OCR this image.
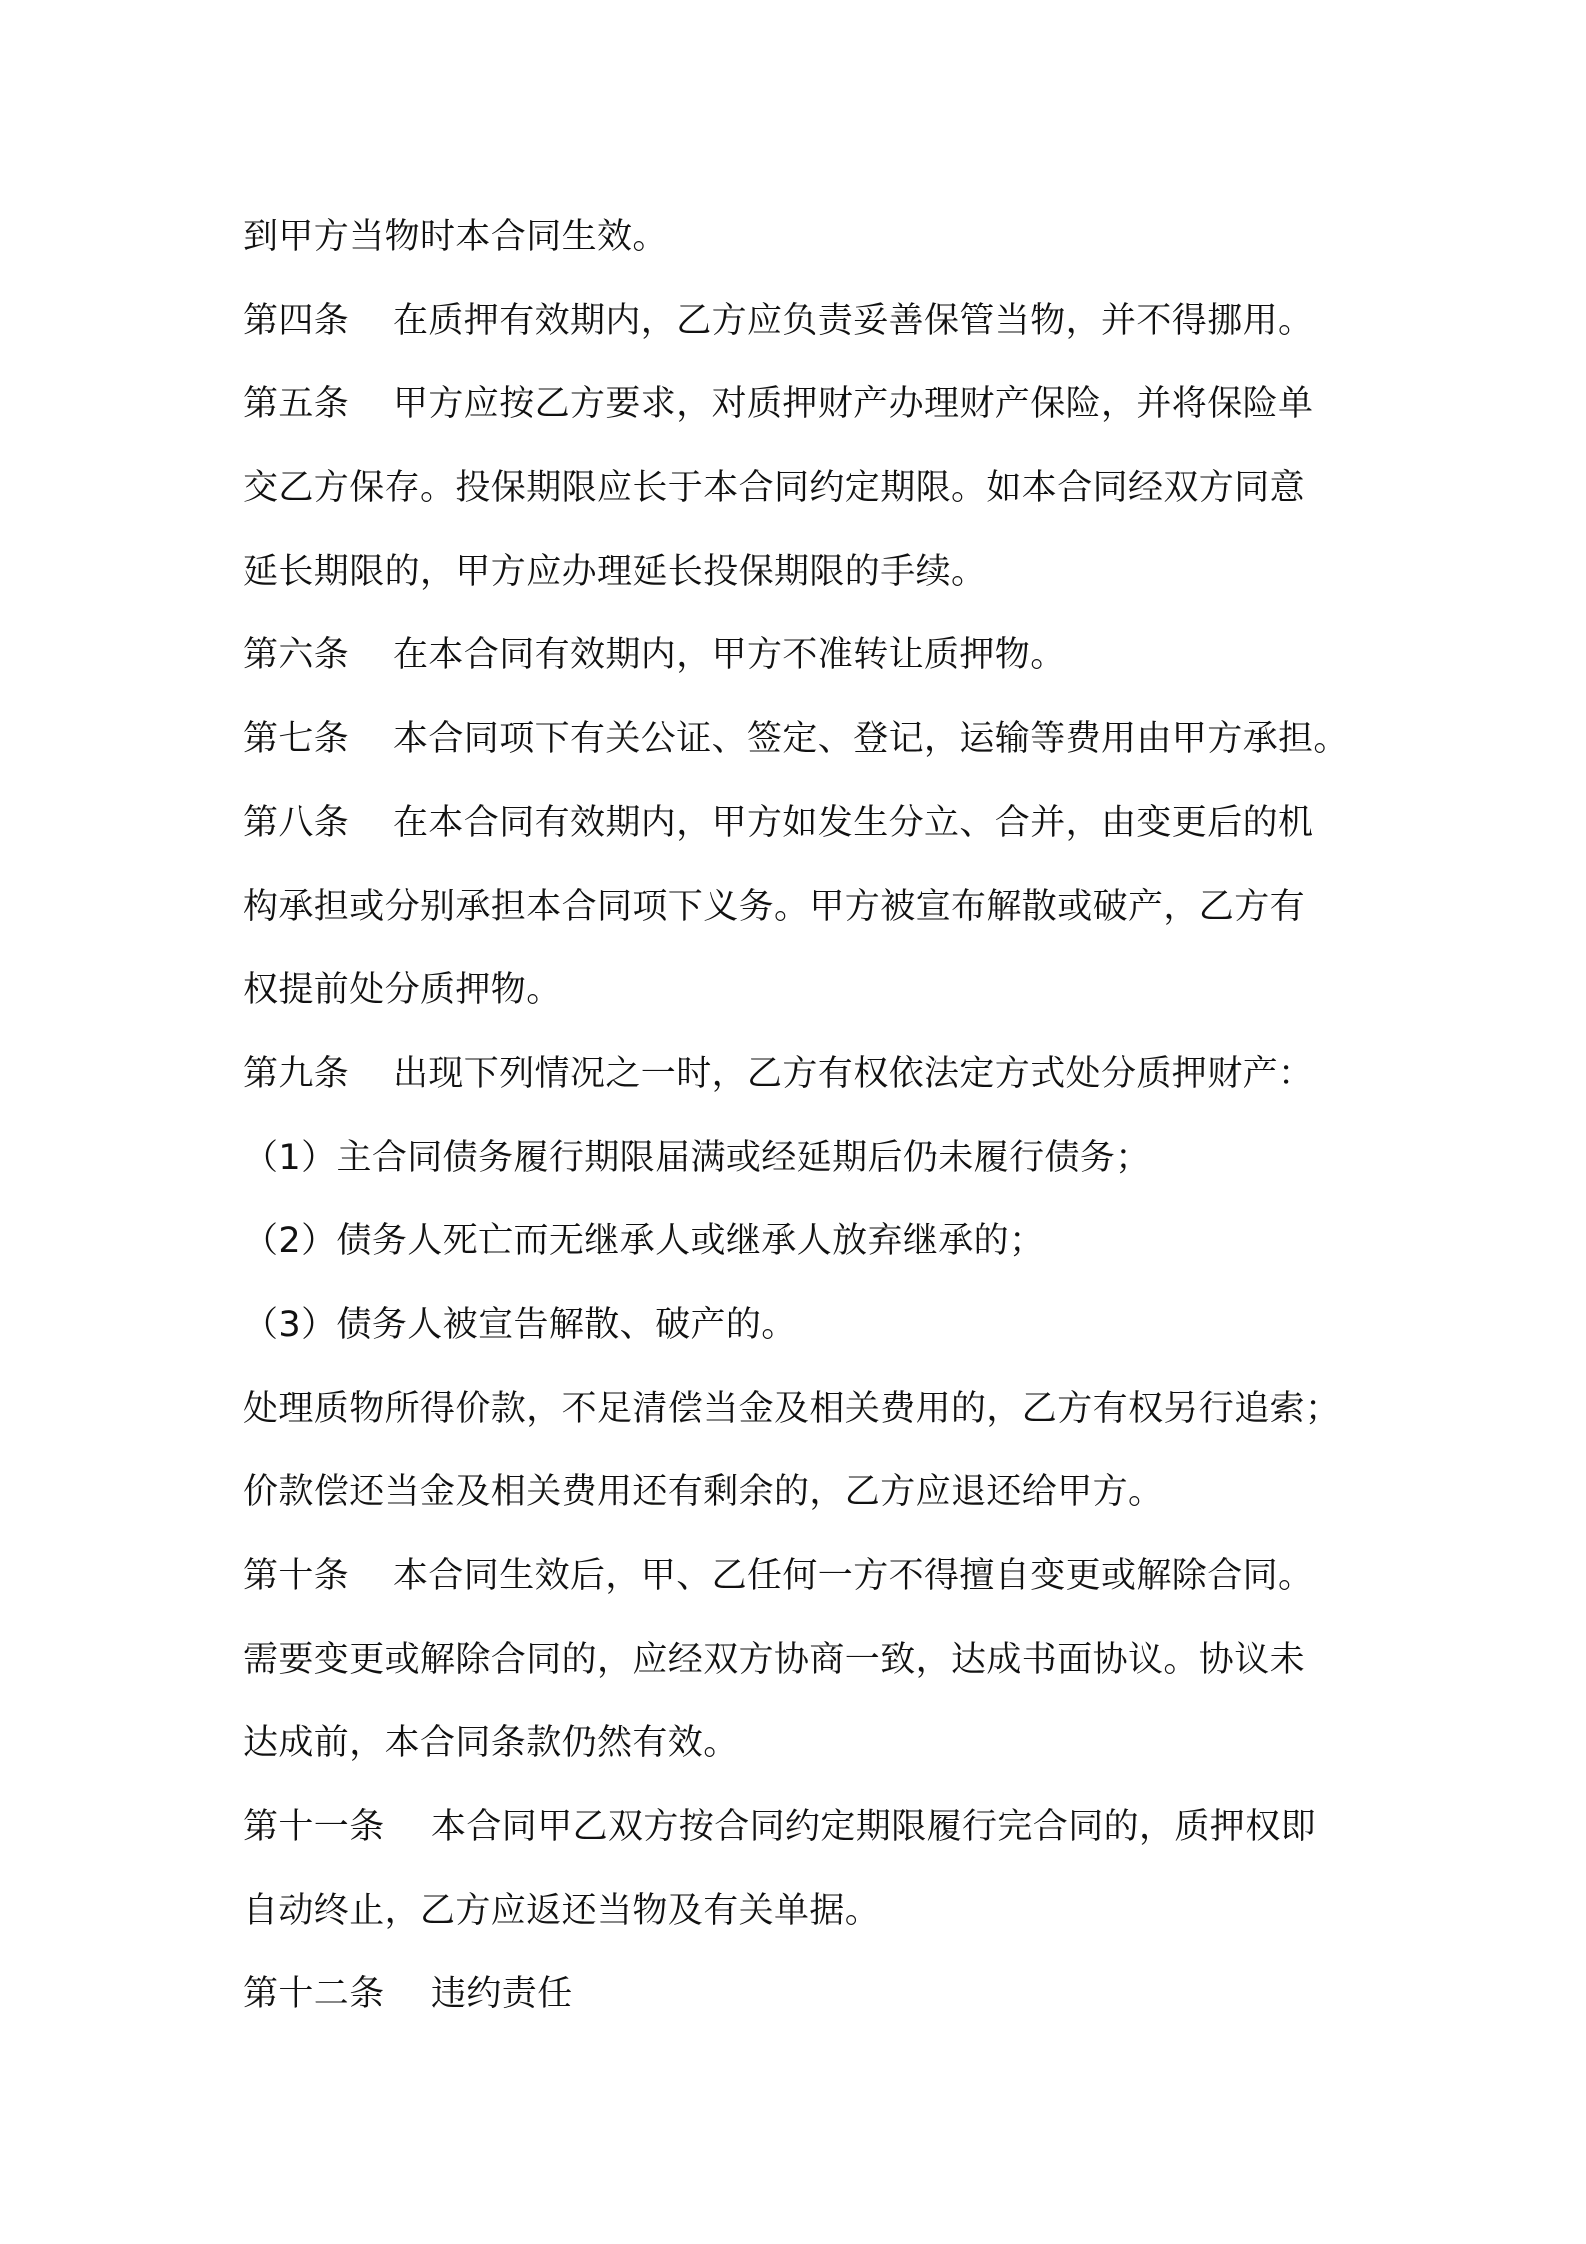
到甲方当物时本合同生效。
第四条 在质押有效期内，乙方应负责妥善保管当物，并不得挪用。
第五条 甲方应按乙方要求，对质押财产办理财产保险，并将保险单
交乙方保存。投保期限应长于本合同约定期限。如本合同经双方同意
延长期限的，甲方应办理延长投保期限的手续。
第六条 在本合同有效期内，甲方不准转让质押物。
第七条 本合同项下有关公证、签定、登记，运输等费用由甲方承担。
第八条 在本合同有效期内，甲方如发生分立、合并，由变更后的机
构承担或分别承担本合同项下义务。甲方被宣布解散或破产，乙方有
权提前处分质押物。
第九条 出现下列情况之一时，乙方有权依法定方式处分质押财产：
（1）主合同债务履行期限届满或经延期后仍未履行债务；
（2）债务人死亡而无继承人或继承人放弃继承的；
（3）债务人被宣告解散、破产的。
处理质物所得价款，不足清偿当金及相关费用的，乙方有权另行追索；
价款偿还当金及相关费用还有剩余的，乙方应退还给甲方。
第十条 本合同生效后，甲、乙任何一方不得擅自变更或解除合同。
需要变更或解除合同的，应经双方协商一致，达成书面协议。协议未
达成前，本合同条款仍然有效。
第十一条 本合同甲乙双方按合同约定期限履行完合同的，质押权即
自动终止，乙方应返还当物及有关单据。
第十二条 违约责任
